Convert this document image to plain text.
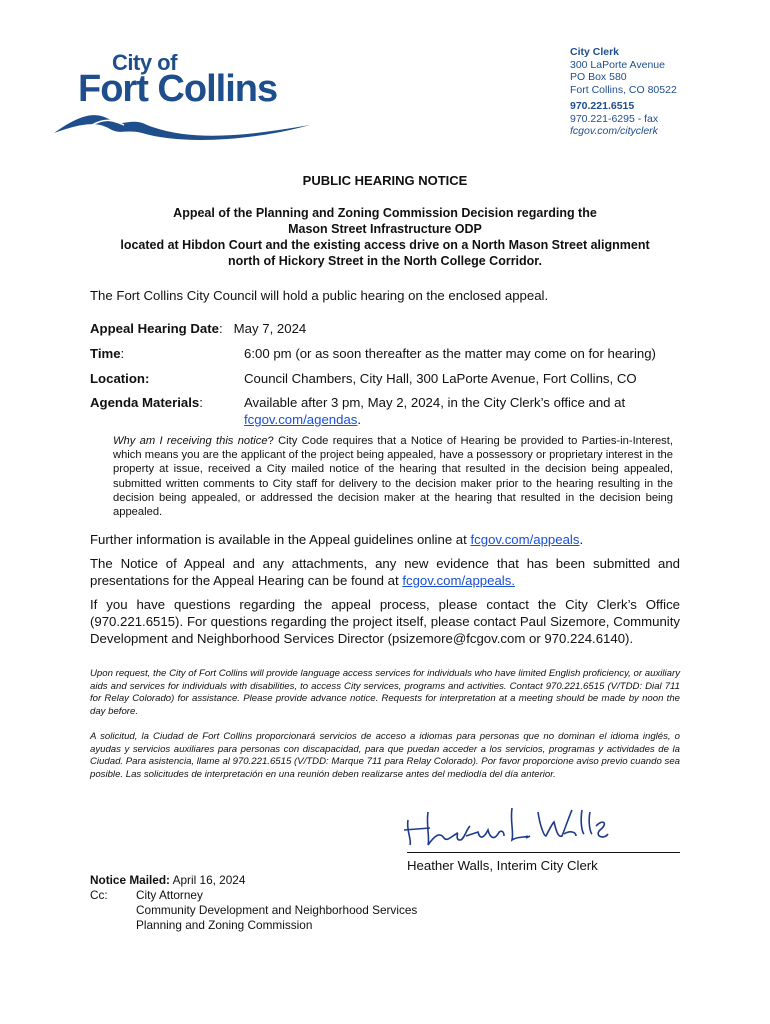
City of
Fort Collins
City Clerk
300 LaPorte Avenue
PO Box 580
Fort Collins, CO 80522
970.221.6515
970.221-6295 - fax
fcgov.com/cityclerk
PUBLIC HEARING NOTICE
Appeal of the Planning and Zoning Commission Decision regarding the
Mason Street Infrastructure ODP
located at Hibdon Court and the existing access drive on a North Mason Street alignment
north of Hickory Street in the North College Corridor.
The Fort Collins City Council will hold a public hearing on the enclosed appeal.
Appeal Hearing Date:   May 7, 2024
Time:	6:00 pm (or as soon thereafter as the matter may come on for hearing)
Location:	Council Chambers, City Hall, 300 LaPorte Avenue, Fort Collins, CO
Agenda Materials:	Available after 3 pm, May 2, 2024, in the City Clerk’s office and at
fcgov.com/agendas.
Why am I receiving this notice? City Code requires that a Notice of Hearing be provided to Parties-in-Interest, which means you are the applicant of the project being appealed, have a possessory or proprietary interest in the property at issue, received a City mailed notice of the hearing that resulted in the decision being appealed, submitted written comments to City staff for delivery to the decision maker prior to the hearing resulting in the decision being appealed, or addressed the decision maker at the hearing that resulted in the decision being appealed.
Further information is available in the Appeal guidelines online at fcgov.com/appeals.
The Notice of Appeal and any attachments, any new evidence that has been submitted and presentations for the Appeal Hearing can be found at fcgov.com/appeals.
If you have questions regarding the appeal process, please contact the City Clerk’s Office (970.221.6515). For questions regarding the project itself, please contact Paul Sizemore, Community Development and Neighborhood Services Director (psizemore@fcgov.com or 970.224.6140).
Upon request, the City of Fort Collins will provide language access services for individuals who have limited English proficiency, or auxiliary aids and services for individuals with disabilities, to access City services, programs and activities. Contact 970.221.6515 (V/TDD: Dial 711 for Relay Colorado) for assistance. Please provide advance notice. Requests for interpretation at a meeting should be made by noon the day before.
A solicitud, la Ciudad de Fort Collins proporcionará servicios de acceso a idiomas para personas que no dominan el idioma inglés, o ayudas y servicios auxiliares para personas con discapacidad, para que puedan acceder a los servicios, programas y actividades de la Ciudad. Para asistencia, llame al 970.221.6515 (V/TDD: Marque 711 para Relay Colorado). Por favor proporcione aviso previo cuando sea posible. Las solicitudes de interpretación en una reunión deben realizarse antes del mediodía del día anterior.
Heather Walls, Interim City Clerk
Notice Mailed: April 16, 2024
Cc: City Attorney
Community Development and Neighborhood Services
Planning and Zoning Commission
